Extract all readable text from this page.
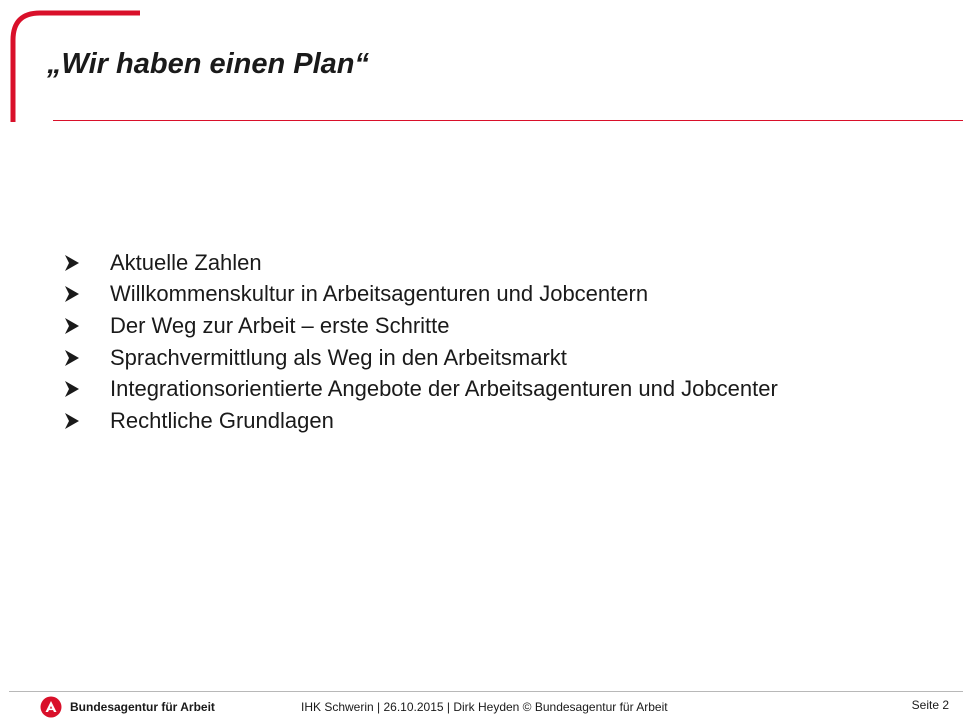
„Wir haben einen Plan“
Aktuelle Zahlen
Willkommenskultur in Arbeitsagenturen und Jobcentern
Der Weg zur Arbeit – erste Schritte
Sprachvermittlung als Weg in den Arbeitsmarkt
Integrationsorientierte Angebote der Arbeitsagenturen und Jobcenter
Rechtliche Grundlagen
Bundesagentur für Arbeit	IHK Schwerin | 26.10.2015 | Dirk Heyden © Bundesagentur für Arbeit	Seite 2
